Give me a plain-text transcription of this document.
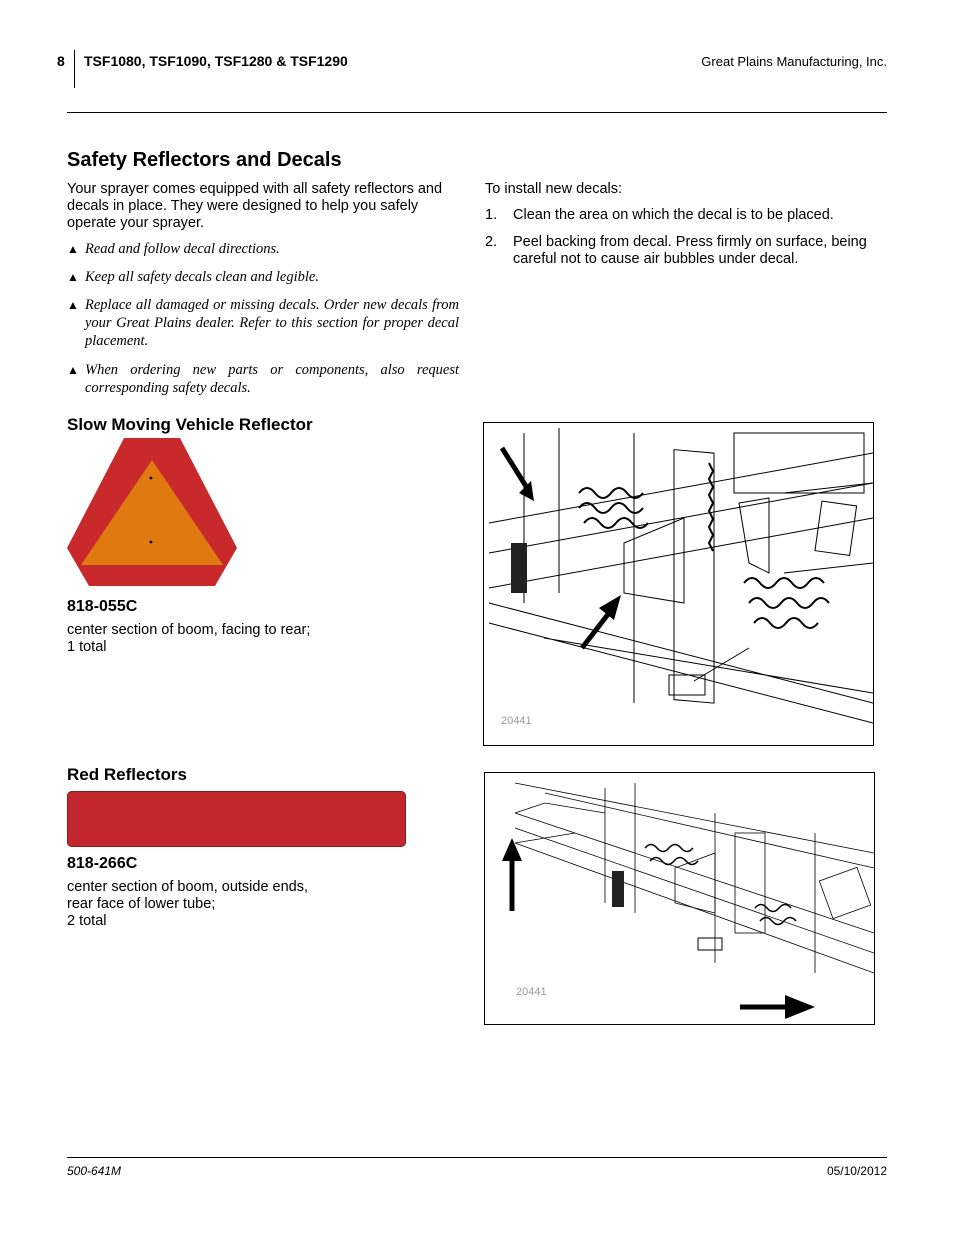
8 TSF1080, TSF1090, TSF1280 & TSF1290	Great Plains Manufacturing, Inc.
Safety Reflectors and Decals
Your sprayer comes equipped with all safety reflectors and decals in place. They were designed to help you safely operate your sprayer.
▲ Read and follow decal directions.
▲ Keep all safety decals clean and legible.
▲ Replace all damaged or missing decals. Order new decals from your Great Plains dealer. Refer to this section for proper decal placement.
▲ When ordering new parts or components, also request corresponding safety decals.
To install new decals:
1.	Clean the area on which the decal is to be placed.
2.	Peel backing from decal. Press firmly on surface, being careful not to cause air bubbles under decal.
Slow Moving Vehicle Reflector
818-055C
center section of boom, facing to rear;
1 total
20441
Red Reflectors
818-266C
center section of boom, outside ends,
rear face of lower tube;
2 total
20441
500-641M	05/10/2012
